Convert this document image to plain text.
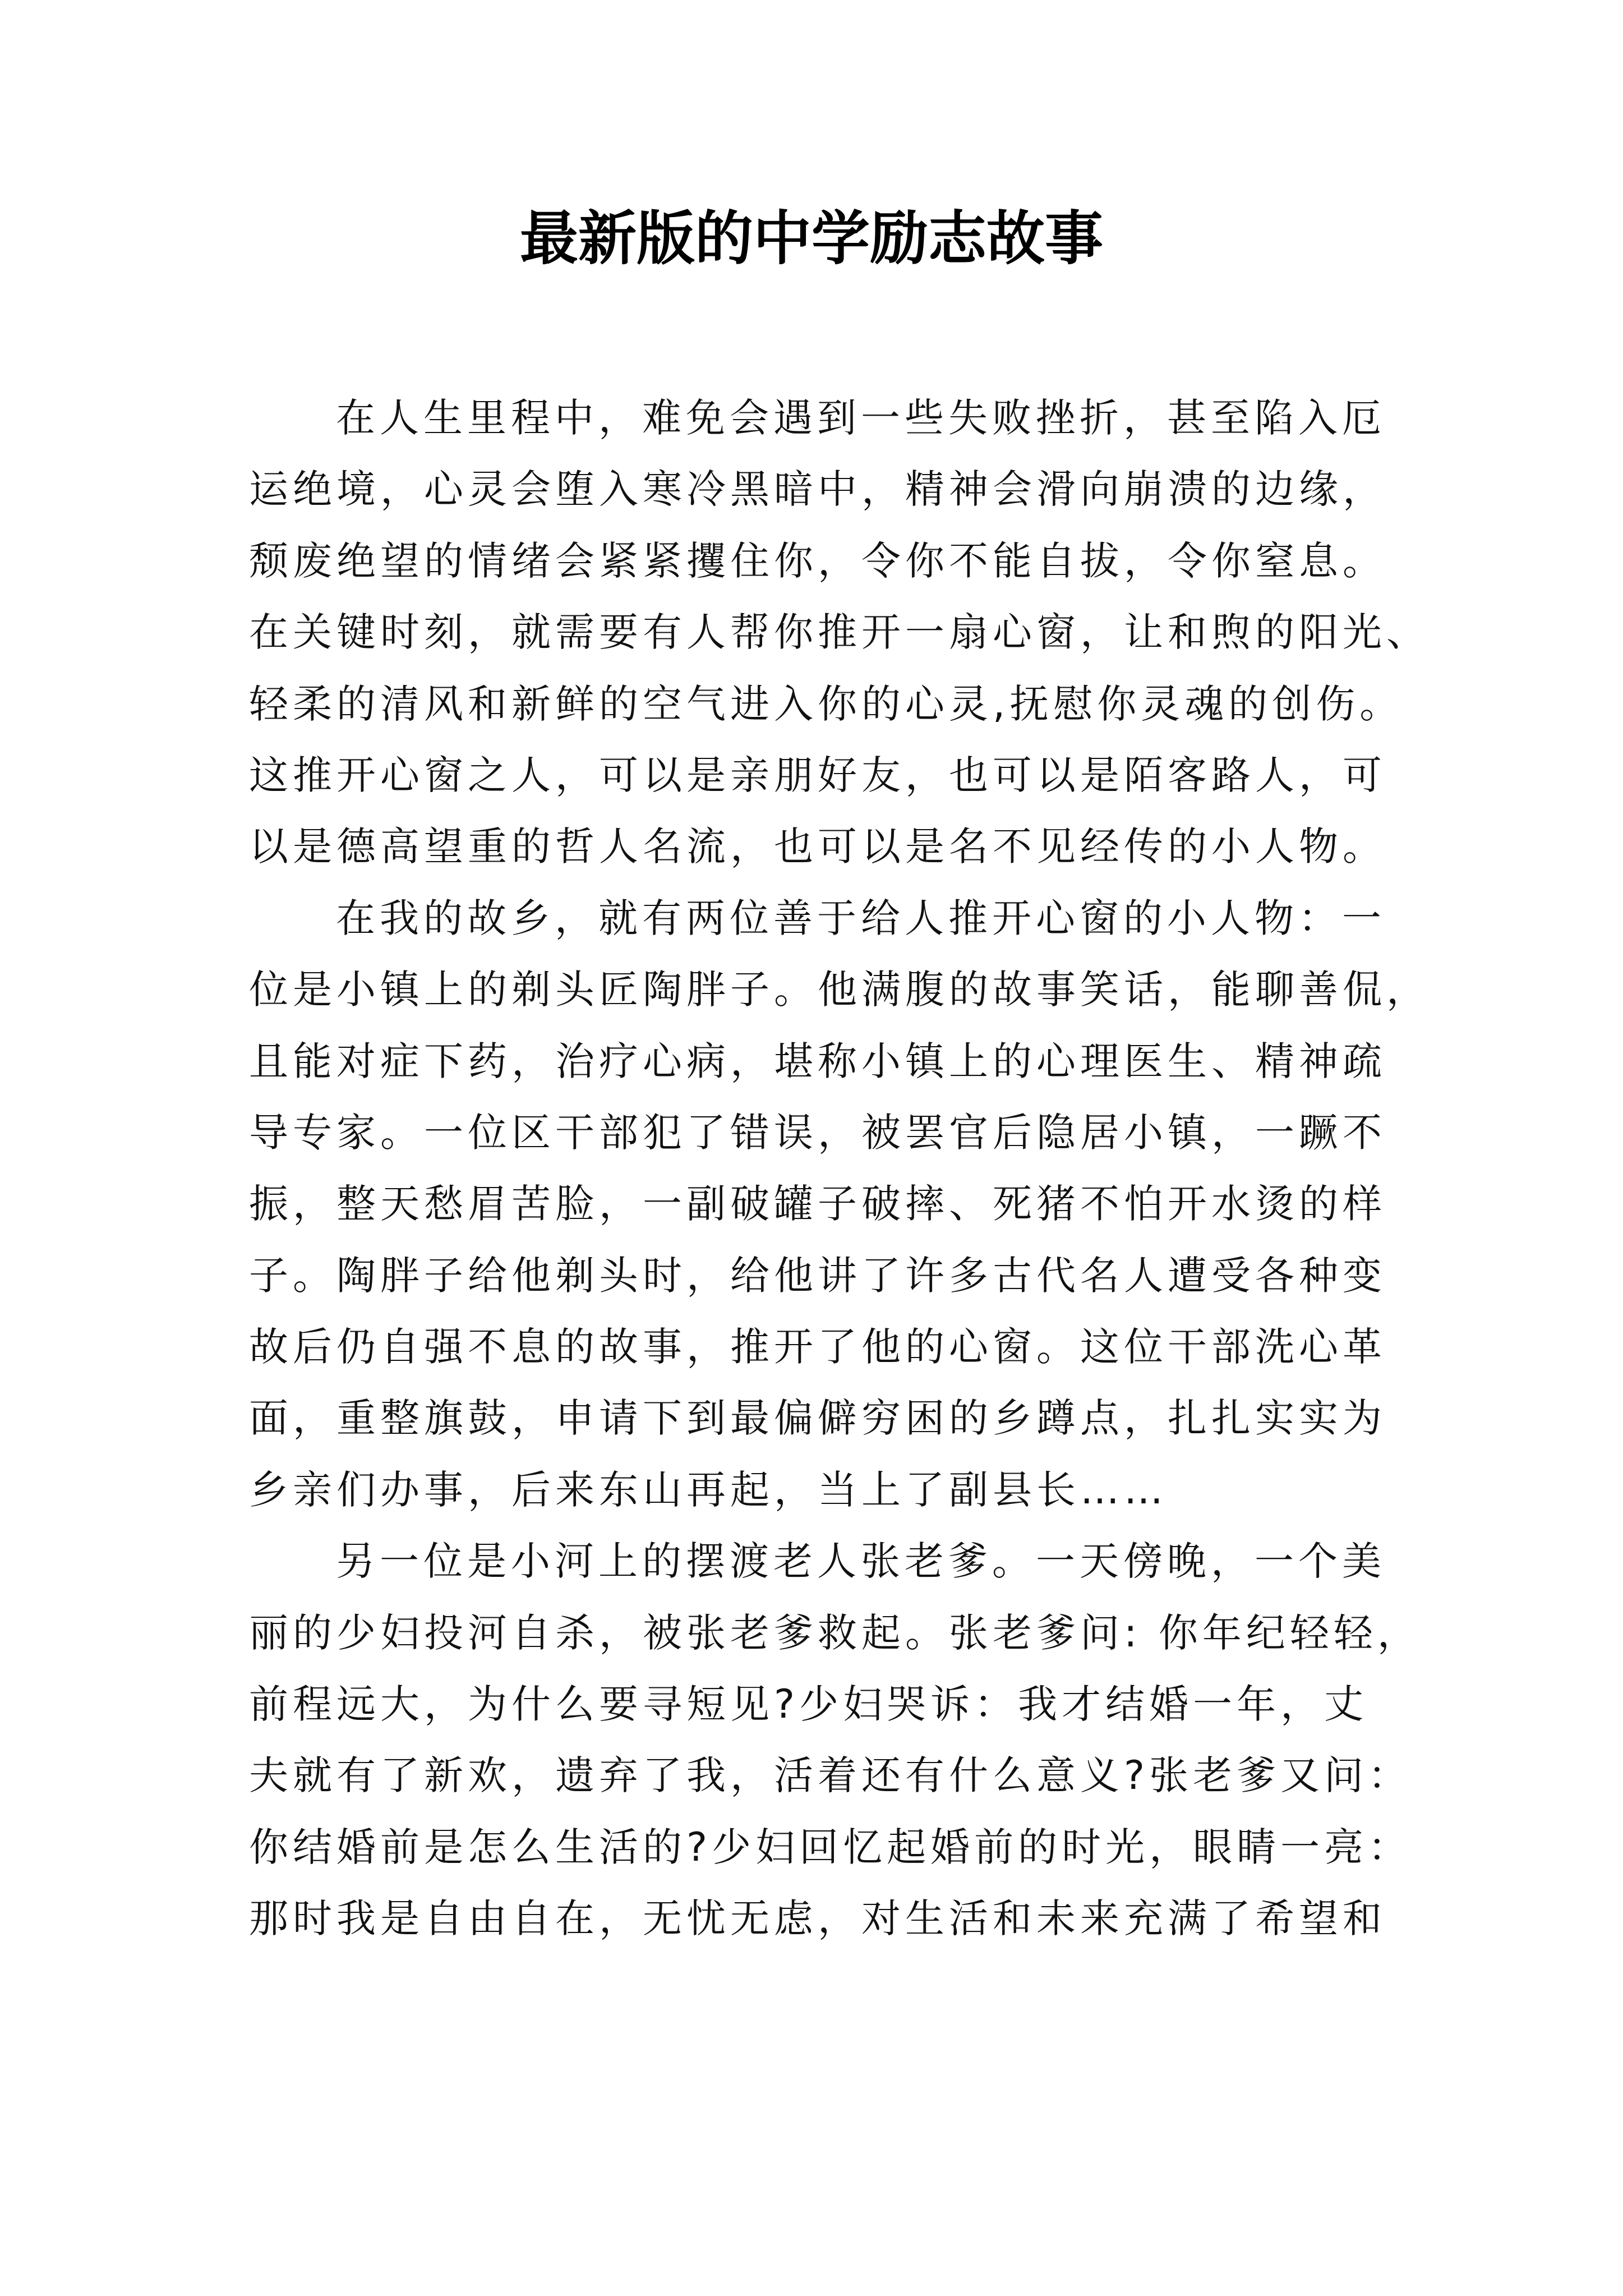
最新版的中学励志故事
在人生里程中，难免会遇到一些失败挫折，甚至陷入厄
运绝境，心灵会堕入寒冷黑暗中，精神会滑向崩溃的边缘，
颓废绝望的情绪会紧紧攫住你，令你不能自拔，令你窒息。
在关键时刻，就需要有人帮你推开一扇心窗，让和煦的阳光、
轻柔的清风和新鲜的空气进入你的心灵,抚慰你灵魂的创伤。
这推开心窗之人，可以是亲朋好友，也可以是陌客路人，可
以是德高望重的哲人名流，也可以是名不见经传的小人物。
在我的故乡，就有两位善于给人推开心窗的小人物：一
位是小镇上的剃头匠陶胖子。他满腹的故事笑话，能聊善侃，
且能对症下药，治疗心病，堪称小镇上的心理医生、精神疏
导专家。一位区干部犯了错误，被罢官后隐居小镇，一蹶不
振，整天愁眉苦脸，一副破罐子破摔、死猪不怕开水烫的样
子。陶胖子给他剃头时，给他讲了许多古代名人遭受各种变
故后仍自强不息的故事，推开了他的心窗。这位干部洗心革
面，重整旗鼓，申请下到最偏僻穷困的乡蹲点，扎扎实实为
乡亲们办事，后来东山再起，当上了副县长……
另一位是小河上的摆渡老人张老爹。一天傍晚，一个美
丽的少妇投河自杀，被张老爹救起。张老爹问: 你年纪轻轻，
前程远大，为什么要寻短见?少妇哭诉：我才结婚一年，丈
夫就有了新欢，遗弃了我，活着还有什么意义?张老爹又问：
你结婚前是怎么生活的?少妇回忆起婚前的时光，眼睛一亮：
那时我是自由自在，无忧无虑，对生活和未来充满了希望和
